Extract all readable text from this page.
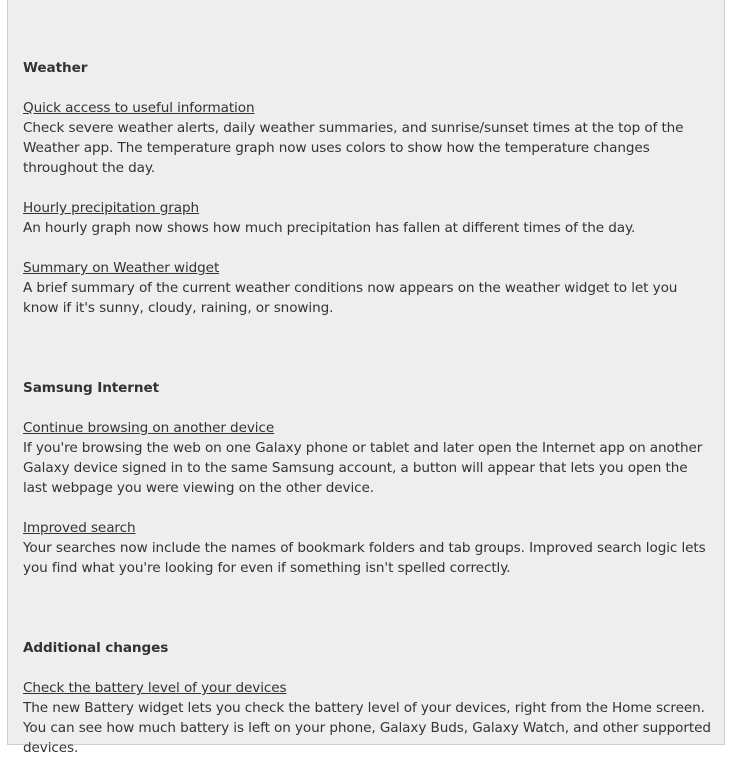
Weather

Quick access to useful information

Check severe weather alerts, daily weather summaries, and sunrise/sunset times at the top of the Weather app. The temperature graph now uses colors to show how the temperature changes throughout the day.

Hourly precipitation graph

An hourly graph now shows how much precipitation has fallen at different times of the day.

Summary on Weather widget

A brief summary of the current weather conditions now appears on the weather widget to let you know if it's sunny, cloudy, raining, or snowing.

Samsung Internet

Continue browsing on another device

If you're browsing the web on one Galaxy phone or tablet and later open the Internet app on another Galaxy device signed in to the same Samsung account, a button will appear that lets you open the last webpage you were viewing on the other device.

Improved search

Your searches now include the names of bookmark folders and tab groups. Improved search logic lets you find what you're looking for even if something isn't spelled correctly.

Additional changes

Check the battery level of your devices

The new Battery widget lets you check the battery level of your devices, right from the Home screen. You can see how much battery is left on your phone, Galaxy Buds, Galaxy Watch, and other supported devices.
